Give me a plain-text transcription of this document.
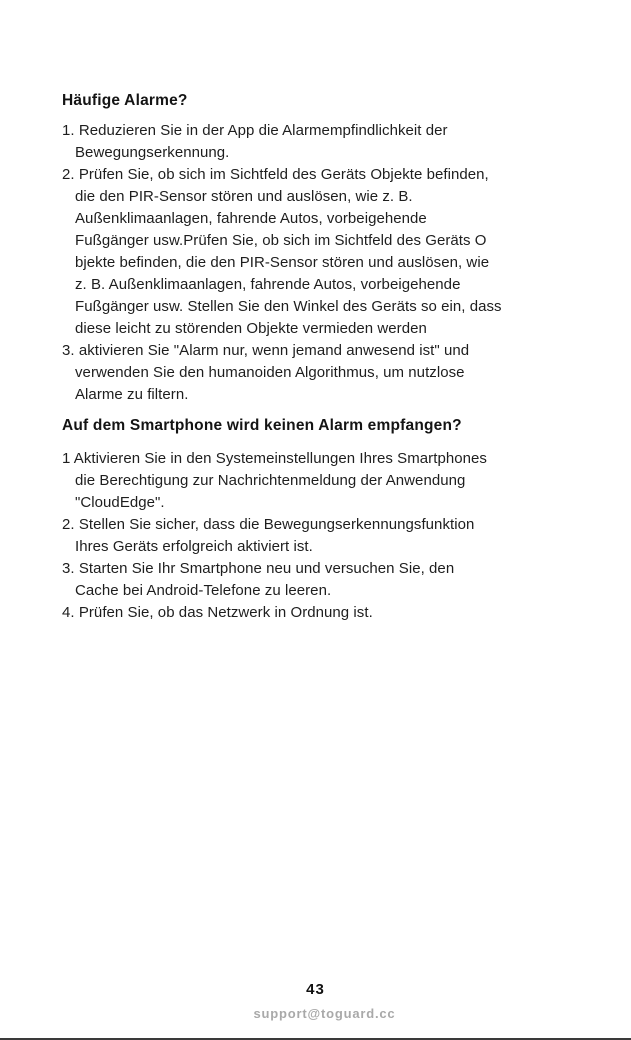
Häufige Alarme?
1. Reduzieren Sie in der App die Alarmempfindlichkeit der
Bewegungserkennung.
2. Prüfen Sie, ob sich im Sichtfeld des Geräts Objekte befinden,
die den PIR-Sensor stören und auslösen, wie z. B.
Außenklimaanlagen, fahrende Autos, vorbeigehende
Fußgänger usw.Prüfen Sie, ob sich im Sichtfeld des Geräts O
bjekte befinden, die den PIR-Sensor stören und auslösen, wie
z. B. Außenklimaanlagen, fahrende Autos, vorbeigehende
Fußgänger usw. Stellen Sie den Winkel des Geräts so ein, dass
diese leicht zu störenden Objekte vermieden werden
3. aktivieren Sie "Alarm nur, wenn jemand anwesend ist" und
verwenden Sie den humanoiden Algorithmus, um nutzlose
Alarme zu filtern.
Auf dem Smartphone wird keinen Alarm empfangen?
1 Aktivieren Sie in den Systemeinstellungen Ihres Smartphones
die Berechtigung zur Nachrichtenmeldung der Anwendung
"CloudEdge".
2. Stellen Sie sicher, dass die Bewegungserkennungsfunktion
Ihres Geräts erfolgreich aktiviert ist.
3. Starten Sie Ihr Smartphone neu und versuchen Sie, den
Cache bei Android-Telefone zu leeren.
4. Prüfen Sie, ob das Netzwerk in Ordnung ist.
43
support@toguard.cc
